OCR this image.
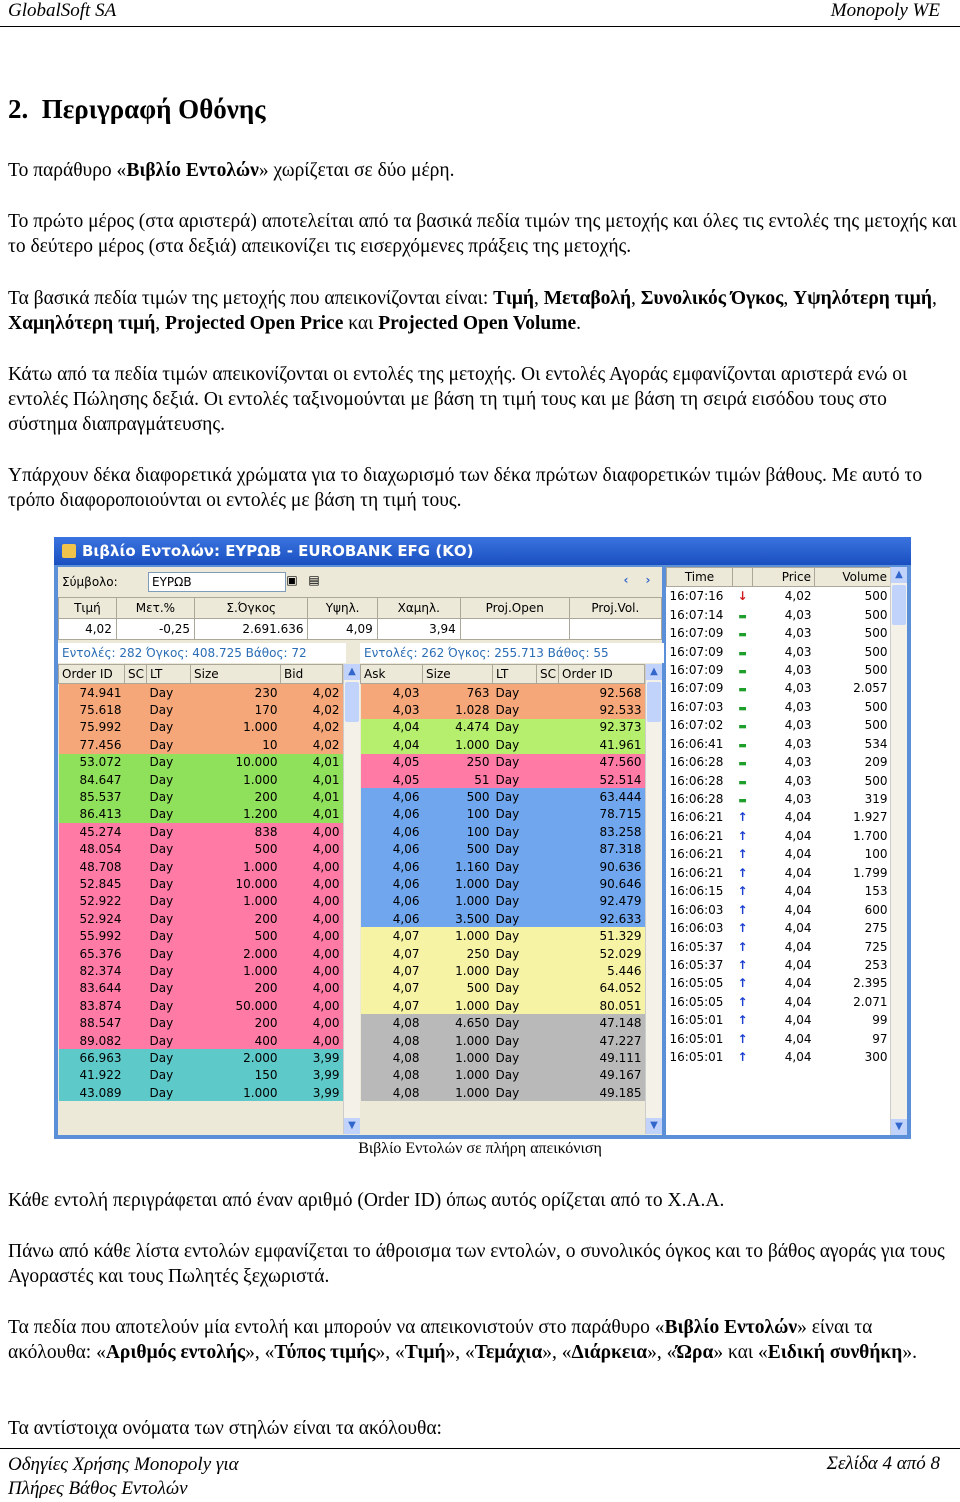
GlobalSoft SA	Monopoly WE
2.  Περιγραφή Οθόνης
Το παράθυρο «Βιβλίο Εντολών» χωρίζεται σε δύο μέρη.
Το πρώτο μέρος (στα αριστερά) αποτελείται από τα βασικά πεδία τιμών της μετοχής και όλες τις εντολές της μετοχής και το δεύτερο μέρος (στα δεξιά) απεικονίζει τις εισερχόμενες πράξεις της μετοχής.
Τα βασικά πεδία τιμών της μετοχής που απεικονίζονται είναι: Τιμή, Μεταβολή, Συνολικός Όγκος, Υψηλότερη τιμή, Χαμηλότερη τιμή, Projected Open Price και Projected Open Volume.
Κάτω από τα πεδία τιμών απεικονίζονται οι εντολές της μετοχής. Οι εντολές Αγοράς εμφανίζονται αριστερά ενώ οι εντολές Πώλησης δεξιά. Οι εντολές ταξινομούνται με βάση τη τιμή τους και με βάση τη σειρά εισόδου τους στο σύστημα διαπραγμάτευσης.
Υπάρχουν δέκα διαφορετικά χρώματα για το διαχωρισμό των δέκα πρώτων διαφορετικών τιμών βάθους. Με αυτό το τρόπο διαφοροποιούνται οι εντολές με βάση τη τιμή τους.
Βιβλίο Εντολών: ΕΥΡΩΒ - EUROBANK EFG (ΚΟ)
Σύμβολο:
ΕΥΡΩΒ	▣ ▤	‹	›
Τιμή	Μετ.%	Σ.Όγκος	Υψηλ.	Χαμηλ.	Proj.Open	Proj.Vol.
4,02	-0,25	2.691.636	4,09	3,94		
Εντολές: 282 Όγκος: 408.725 Βάθος: 72	Εντολές: 262 Όγκος: 255.713 Βάθος: 55
Order ID	SC	LT	Size	Bid
74.941		Day	230	4,02
75.618		Day	170	4,02
75.992		Day	1.000	4,02
77.456		Day	10	4,02
53.072		Day	10.000	4,01
84.647		Day	1.000	4,01
85.537		Day	200	4,01
86.413		Day	1.200	4,01
45.274		Day	838	4,00
48.054		Day	500	4,00
48.708		Day	1.000	4,00
52.845		Day	10.000	4,00
52.922		Day	1.000	4,00
52.924		Day	200	4,00
55.992		Day	500	4,00
65.376		Day	2.000	4,00
82.374		Day	1.000	4,00
83.644		Day	200	4,00
83.874		Day	50.000	4,00
88.547		Day	200	4,00
89.082		Day	400	4,00
66.963		Day	2.000	3,99
41.922		Day	150	3,99
43.089		Day	1.000	3,99
▲
▼
Ask	Size	LT	SC	Order ID
4,03	763	Day		92.568
4,03	1.028	Day		92.533
4,04	4.474	Day		92.373
4,04	1.000	Day		41.961
4,05	250	Day		47.560
4,05	51	Day		52.514
4,06	500	Day		63.444
4,06	100	Day		78.715
4,06	100	Day		83.258
4,06	500	Day		87.318
4,06	1.160	Day		90.636
4,06	1.000	Day		90.646
4,06	1.000	Day		92.479
4,06	3.500	Day		92.633
4,07	1.000	Day		51.329
4,07	250	Day		52.029
4,07	1.000	Day		5.446
4,07	500	Day		64.052
4,07	1.000	Day		80.051
4,08	4.650	Day		47.148
4,08	1.000	Day		47.227
4,08	1.000	Day		49.111
4,08	1.000	Day		49.167
4,08	1.000	Day		49.185
▲
▼
Time		Price	Volume
16:07:16	↓	4,02	500
16:07:14	▬	4,03	500
16:07:09	▬	4,03	500
16:07:09	▬	4,03	500
16:07:09	▬	4,03	500
16:07:09	▬	4,03	2.057
16:07:03	▬	4,03	500
16:07:02	▬	4,03	500
16:06:41	▬	4,03	534
16:06:28	▬	4,03	209
16:06:28	▬	4,03	500
16:06:28	▬	4,03	319
16:06:21	↑	4,04	1.927
16:06:21	↑	4,04	1.700
16:06:21	↑	4,04	100
16:06:21	↑	4,04	1.799
16:06:15	↑	4,04	153
16:06:03	↑	4,04	600
16:06:03	↑	4,04	275
16:05:37	↑	4,04	725
16:05:37	↑	4,04	253
16:05:05	↑	4,04	2.395
16:05:05	↑	4,04	2.071
16:05:01	↑	4,04	99
16:05:01	↑	4,04	97
16:05:01	↑	4,04	300
▲
▼
Βιβλίο Εντολών σε πλήρη απεικόνιση
Κάθε εντολή περιγράφεται από έναν αριθμό (Order ID) όπως αυτός ορίζεται από το Χ.Α.Α.
Πάνω από κάθε λίστα εντολών εμφανίζεται το άθροισμα των εντολών, ο συνολικός όγκος και το βάθος αγοράς για τους Αγοραστές και τους Πωλητές ξεχωριστά.
Τα πεδία που αποτελούν μία εντολή και μπορούν να απεικονιστούν στο παράθυρο «Βιβλίο Εντολών» είναι τα ακόλουθα: «Αριθμός εντολής», «Τύπος τιμής», «Τιμή», «Τεμάχια», «Διάρκεια», «Ώρα» και «Ειδική συνθήκη».
Τα αντίστοιχα ονόματα των στηλών είναι τα ακόλουθα:
Οδηγίες Χρήσης Monopoly για
Πλήρες Βάθος Εντολών
Σελίδα 4 από 8
